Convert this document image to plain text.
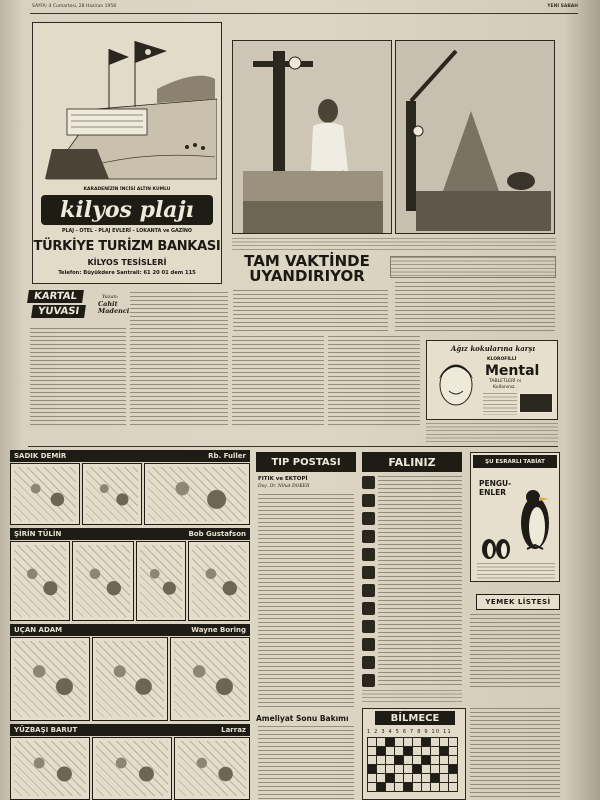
SAYFA: 4 Cumartesi, 28 Haziran 1958	YENİ SABAH
KARADENİZİN İNCİSİ ALTIN KUMLU
kilyos plajı
PLAJ - OTEL - PLAJ EVLERİ - LOKANTA ve GAZİNO
TÜRKİYE TURİZM BANKASI
KİLYOS TESİSLERİ
Telefon: Büyükdere Santrali: 61 20 01 dem 115
TAM VAKTİNDE
UYANDIRIYOR
KARTAL
YUVASI
Yazan:
Cahit Madenci
Ağız kokularına karşı
KLOROFİLLİ
Mental
TABLETLERİ ni
Kullanınız.
SADIK DEMİR	Rb. Fuller
ŞİRİN TÜLİN	Bob Gustafson
UÇAN ADAM	Wayne Boring
YÜZBAŞI BARUT	Larraz
TIP POSTASI
FITIK ve EKTOPİ
Doç. Dr. Nihat DOKER
Ameliyat Sonu Bakımı
FALINIZ
BİLMECE
1 2 3 4 5 6 7 8 9 10 11

ŞU ESRARLI TABİAT
PENGU-ENLER
YEMEK LİSTESİ
